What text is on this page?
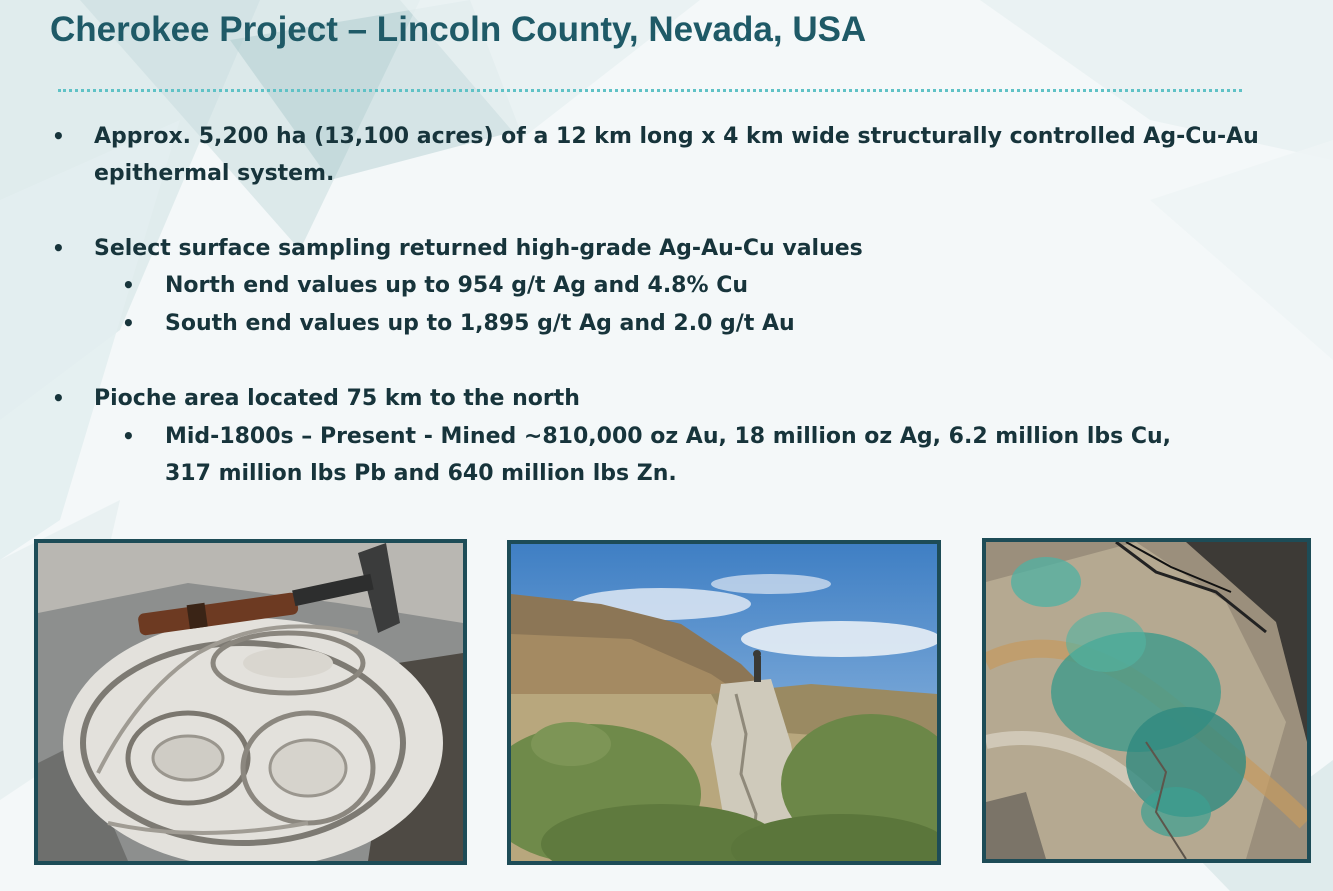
Cherokee Project – Lincoln County, Nevada, USA
• Approx. 5,200 ha (13,100 acres) of a 12 km long x 4 km wide structurally controlled Ag-Cu-Au
epithermal system.
• Select surface sampling returned high-grade Ag-Au-Cu values
• North end values up to 954 g/t Ag and 4.8% Cu
• South end values up to 1,895 g/t Ag and 2.0 g/t Au
• Pioche area located 75 km to the north
• Mid-1800s – Present - Mined ~810,000 oz Au, 18 million oz Ag, 6.2 million lbs Cu,
317 million lbs Pb and 640 million lbs Zn.
